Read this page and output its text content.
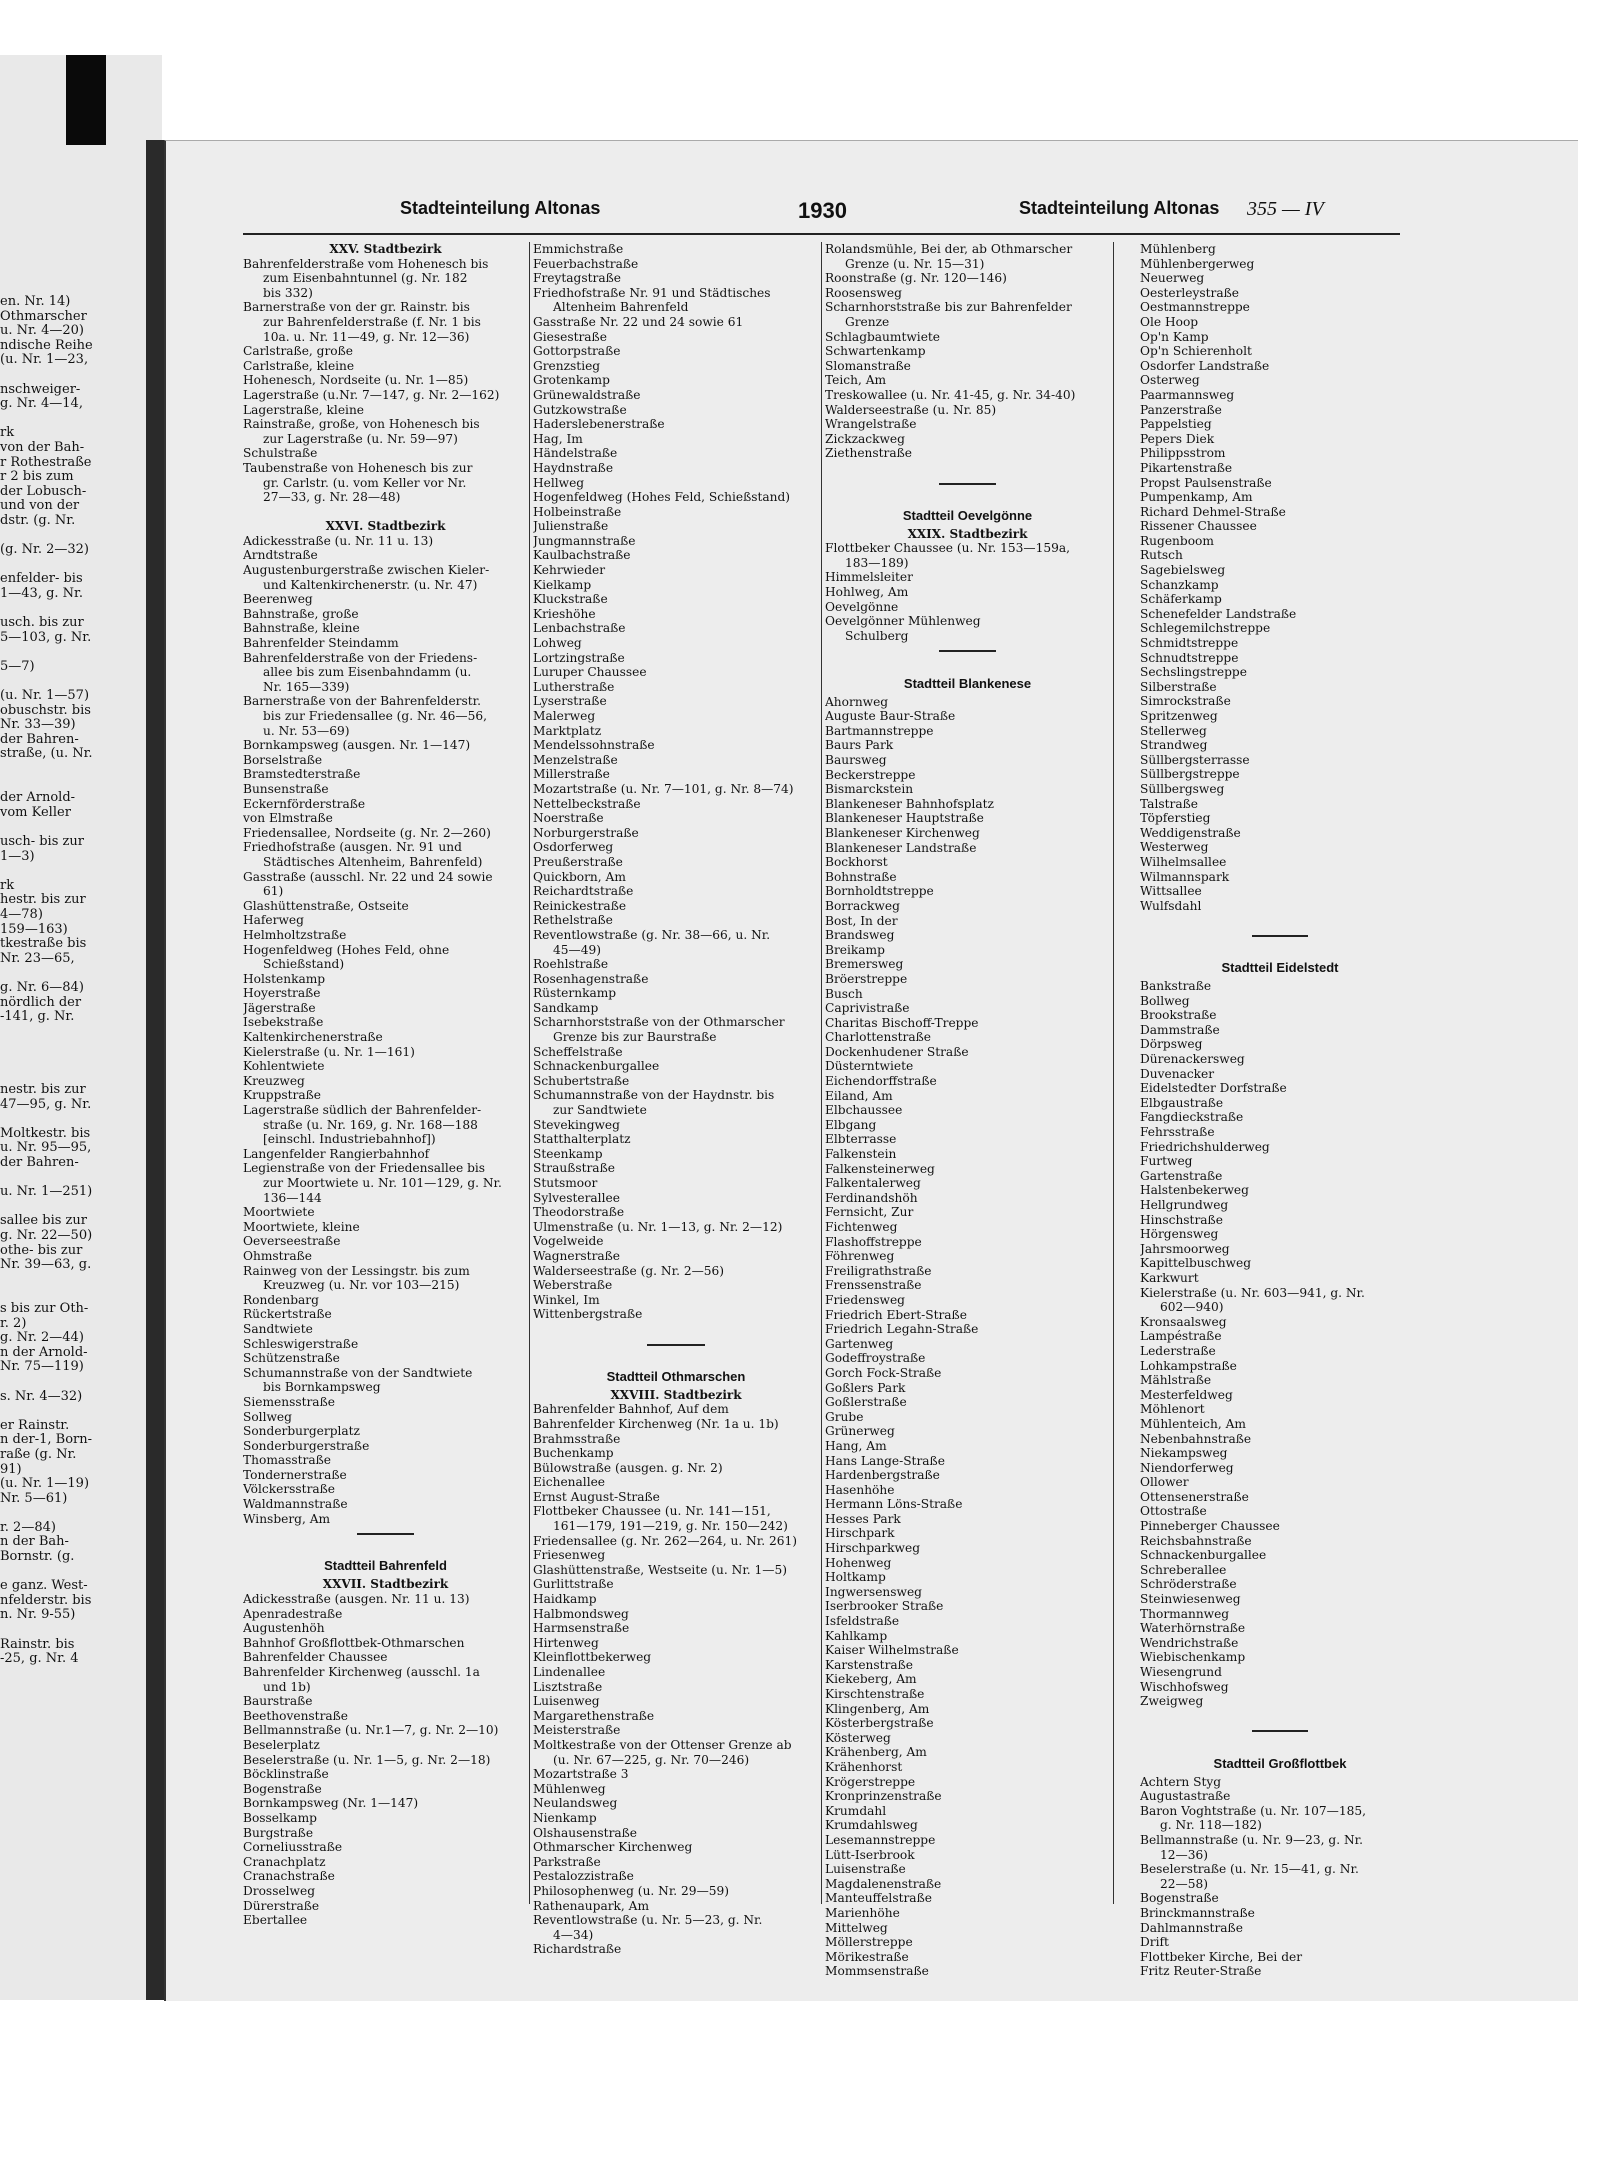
en. Nr. 14)
Othmarscher
u. Nr. 4—20)
ndische Reihe
(u. Nr. 1—23,
nschweiger-
g. Nr. 4—14,
rk
von der Bah-
r Rothestraße
r 2 bis zum
der Lobusch-
und von der
dstr. (g. Nr.
(g. Nr. 2—32)
enfelder- bis
1—43, g. Nr.
usch. bis zur
5—103, g. Nr.
5—7)
(u. Nr. 1—57)
obuschstr. bis
Nr. 33—39)
der Bahren-
straße, (u. Nr.
der Arnold-
vom Keller
usch- bis zur
1—3)
rk
hestr. bis zur
4—78)
159—163)
tkestraße bis
Nr. 23—65,
g. Nr. 6—84)
nördlich der
-141, g. Nr.
nestr. bis zur
47—95, g. Nr.
Moltkestr. bis
u. Nr. 95—95,
der Bahren-
u. Nr. 1—251)
sallee bis zur
g. Nr. 22—50)
othe- bis zur
Nr. 39—63, g.
s bis zur Oth-
r. 2)
g. Nr. 2—44)
n der Arnold-
Nr. 75—119)
s. Nr. 4—32)
er Rainstr.
n der-1, Born-
raße (g. Nr.
91)
(u. Nr. 1—19)
Nr. 5—61)
r. 2—84)
n der Bah-
Bornstr. (g.
e ganz. West-
nfelderstr. bis
n. Nr. 9-55)
Rainstr. bis
-25, g. Nr. 4
Stadteinteilung Altonas	1930	Stadteinteilung Altonas 355 — IV
XXV. Stadtbezirk
Bahrenfelderstraße vom Hohenesch bis
zum Eisenbahntunnel (g. Nr. 182
bis 332)
Barnerstraße von der gr. Rainstr. bis
zur Bahrenfelderstraße (f. Nr. 1 bis
10a. u. Nr. 11—49, g. Nr. 12—36)
Carlstraße, große
Carlstraße, kleine
Hohenesch, Nordseite (u. Nr. 1—85)
Lagerstraße (u.Nr. 7—147, g. Nr. 2—162)
Lagerstraße, kleine
Rainstraße, große, von Hohenesch bis
zur Lagerstraße (u. Nr. 59—97)
Schulstraße
Taubenstraße von Hohenesch bis zur
gr. Carlstr. (u. vom Keller vor Nr.
27—33, g. Nr. 28—48)
XXVI. Stadtbezirk
Adickesstraße (u. Nr. 11 u. 13)
Arndtstraße
Augustenburgerstraße zwischen Kieler-
und Kaltenkirchenerstr. (u. Nr. 47)
Beerenweg
Bahnstraße, große
Bahnstraße, kleine
Bahrenfelder Steindamm
Bahrenfelderstraße von der Friedens-
allee bis zum Eisenbahndamm (u.
Nr. 165—339)
Barnerstraße von der Bahrenfelderstr.
bis zur Friedensallee (g. Nr. 46—56,
u. Nr. 53—69)
Bornkampsweg (ausgen. Nr. 1—147)
Borselstraße
Bramstedterstraße
Bunsenstraße
Eckernförderstraße
von Elmstraße
Friedensallee, Nordseite (g. Nr. 2—260)
Friedhofstraße (ausgen. Nr. 91 und
Städtisches Altenheim, Bahrenfeld)
Gasstraße (ausschl. Nr. 22 und 24 sowie
61)
Glashüttenstraße, Ostseite
Haferweg
Helmholtzstraße
Hogenfeldweg (Hohes Feld, ohne
Schießstand)
Holstenkamp
Hoyerstraße
Jägerstraße
Isebekstraße
Kaltenkirchenerstraße
Kielerstraße (u. Nr. 1—161)
Kohlentwiete
Kreuzweg
Kruppstraße
Lagerstraße südlich der Bahrenfelder-
straße (u. Nr. 169, g. Nr. 168—188
[einschl. Industriebahnhof])
Langenfelder Rangierbahnhof
Legienstraße von der Friedensallee bis
zur Moortwiete u. Nr. 101—129, g. Nr.
136—144
Moortwiete
Moortwiete, kleine
Oeverseestraße
Ohmstraße
Rainweg von der Lessingstr. bis zum
Kreuzweg (u. Nr. vor 103—215)
Rondenbarg
Rückertstraße
Sandtwiete
Schleswigerstraße
Schützenstraße
Schumannstraße von der Sandtwiete
bis Bornkampsweg
Siemensstraße
Sollweg
Sonderburgerplatz
Sonderburgerstraße
Thomasstraße
Tondernerstraße
Völckersstraße
Waldmannstraße
Winsberg, Am
Stadtteil Bahrenfeld
XXVII. Stadtbezirk
Adickesstraße (ausgen. Nr. 11 u. 13)
Apenradestraße
Augustenhöh
Bahnhof Großflottbek-Othmarschen
Bahrenfelder Chaussee
Bahrenfelder Kirchenweg (ausschl. 1a
und 1b)
Baurstraße
Beethovenstraße
Bellmannstraße (u. Nr.1—7, g. Nr. 2—10)
Beselerplatz
Beselerstraße (u. Nr. 1—5, g. Nr. 2—18)
Böcklinstraße
Bogenstraße
Bornkampsweg (Nr. 1—147)
Bosselkamp
Burgstraße
Corneliusstraße
Cranachplatz
Cranachstraße
Drosselweg
Dürerstraße
Ebertallee
Emmichstraße
Feuerbachstraße
Freytagstraße
Friedhofstraße Nr. 91 und Städtisches
Altenheim Bahrenfeld
Gasstraße Nr. 22 und 24 sowie 61
Giesestraße
Gottorpstraße
Grenzstieg
Grotenkamp
Grünewaldstraße
Gutzkowstraße
Haderslebenerstraße
Hag, Im
Händelstraße
Haydnstraße
Hellweg
Hogenfeldweg (Hohes Feld, Schießstand)
Holbeinstraße
Julienstraße
Jungmannstraße
Kaulbachstraße
Kehrwieder
Kielkamp
Kluckstraße
Krieshöhe
Lenbachstraße
Lohweg
Lortzingstraße
Luruper Chaussee
Lutherstraße
Lyserstraße
Malerweg
Marktplatz
Mendelssohnstraße
Menzelstraße
Millerstraße
Mozartstraße (u. Nr. 7—101, g. Nr. 8—74)
Nettelbeckstraße
Noerstraße
Norburgerstraße
Osdorferweg
Preußerstraße
Quickborn, Am
Reichardtstraße
Reinickestraße
Rethelstraße
Reventlowstraße (g. Nr. 38—66, u. Nr.
45—49)
Roehlstraße
Rosenhagenstraße
Rüsternkamp
Sandkamp
Scharnhorststraße von der Othmarscher
Grenze bis zur Baurstraße
Scheffelstraße
Schnackenburgallee
Schubertstraße
Schumannstraße von der Haydnstr. bis
zur Sandtwiete
Stevekingweg
Statthalterplatz
Steenkamp
Straußstraße
Stutsmoor
Sylvesterallee
Theodorstraße
Ulmenstraße (u. Nr. 1—13, g. Nr. 2—12)
Vogelweide
Wagnerstraße
Walderseestraße (g. Nr. 2—56)
Weberstraße
Winkel, Im
Wittenbergstraße
Stadtteil Othmarschen
XXVIII. Stadtbezirk
Bahrenfelder Bahnhof, Auf dem
Bahrenfelder Kirchenweg (Nr. 1a u. 1b)
Brahmsstraße
Buchenkamp
Bülowstraße (ausgen. g. Nr. 2)
Eichenallee
Ernst August-Straße
Flottbeker Chaussee (u. Nr. 141—151,
161—179, 191—219, g. Nr. 150—242)
Friedensallee (g. Nr. 262—264, u. Nr. 261)
Friesenweg
Glashüttenstraße, Westseite (u. Nr. 1—5)
Gurlittstraße
Haidkamp
Halbmondsweg
Harmsenstraße
Hirtenweg
Kleinflottbekerweg
Lindenallee
Lisztstraße
Luisenweg
Margarethenstraße
Meisterstraße
Moltkestraße von der Ottenser Grenze ab
(u. Nr. 67—225, g. Nr. 70—246)
Mozartstraße 3
Mühlenweg
Neulandsweg
Nienkamp
Olshausenstraße
Othmarscher Kirchenweg
Parkstraße
Pestalozzistraße
Philosophenweg (u. Nr. 29—59)
Rathenaupark, Am
Reventlowstraße (u. Nr. 5—23, g. Nr.
4—34)
Richardstraße
Rolandsmühle, Bei der, ab Othmarscher
Grenze (u. Nr. 15—31)
Roonstraße (g. Nr. 120—146)
Roosensweg
Scharnhorststraße bis zur Bahrenfelder
Grenze
Schlagbaumtwiete
Schwartenkamp
Slomanstraße
Teich, Am
Treskowallee (u. Nr. 41-45, g. Nr. 34-40)
Walderseestraße (u. Nr. 85)
Wrangelstraße
Zickzackweg
Ziethenstraße
Stadtteil Oevelgönne
XXIX. Stadtbezirk
Flottbeker Chaussee (u. Nr. 153—159a,
183—189)
Himmelsleiter
Hohlweg, Am
Oevelgönne
Oevelgönner Mühlenweg
Schulberg
Stadtteil Blankenese
Ahornweg
Auguste Baur-Straße
Bartmannstreppe
Baurs Park
Baursweg
Beckerstreppe
Bismarckstein
Blankeneser Bahnhofsplatz
Blankeneser Hauptstraße
Blankeneser Kirchenweg
Blankeneser Landstraße
Bockhorst
Bohnstraße
Bornholdtstreppe
Borrackweg
Bost, In der
Brandsweg
Breikamp
Bremersweg
Bröerstreppe
Busch
Caprivistraße
Charitas Bischoff-Treppe
Charlottenstraße
Dockenhudener Straße
Düsterntwiete
Eichendorffstraße
Eiland, Am
Elbchaussee
Elbgang
Elbterrasse
Falkenstein
Falkensteinerweg
Falkentalerweg
Ferdinandshöh
Fernsicht, Zur
Fichtenweg
Flashoffstreppe
Föhrenweg
Freiligrathstraße
Frenssenstraße
Friedensweg
Friedrich Ebert-Straße
Friedrich Legahn-Straße
Gartenweg
Godeffroystraße
Gorch Fock-Straße
Goßlers Park
Goßlerstraße
Grube
Grünerweg
Hang, Am
Hans Lange-Straße
Hardenbergstraße
Hasenhöhe
Hermann Löns-Straße
Hesses Park
Hirschpark
Hirschparkweg
Hohenweg
Holtkamp
Ingwersensweg
Iserbrooker Straße
Isfeldstraße
Kahlkamp
Kaiser Wilhelmstraße
Karstenstraße
Kiekeberg, Am
Kirschtenstraße
Klingenberg, Am
Kösterbergstraße
Kösterweg
Krähenberg, Am
Krähenhorst
Krögerstreppe
Kronprinzenstraße
Krumdahl
Krumdahlsweg
Lesemannstreppe
Lütt-Iserbrook
Luisenstraße
Magdalenenstraße
Manteuffelstraße
Marienhöhe
Mittelweg
Möllerstreppe
Mörikestraße
Mommsenstraße
Mühlenberg
Mühlenbergerweg
Neuerweg
Oesterleystraße
Oestmannstreppe
Ole Hoop
Op'n Kamp
Op'n Schierenholt
Osdorfer Landstraße
Osterweg
Paarmannsweg
Panzerstraße
Pappelstieg
Pepers Diek
Philippsstrom
Pikartenstraße
Propst Paulsenstraße
Pumpenkamp, Am
Richard Dehmel-Straße
Rissener Chaussee
Rugenboom
Rutsch
Sagebielsweg
Schanzkamp
Schäferkamp
Schenefelder Landstraße
Schlegemilchstreppe
Schmidtstreppe
Schnudtstreppe
Sechslingstreppe
Silberstraße
Simrockstraße
Spritzenweg
Stellerweg
Strandweg
Süllbergsterrasse
Süllbergstreppe
Süllbergsweg
Talstraße
Töpferstieg
Weddigenstraße
Westerweg
Wilhelmsallee
Wilmannspark
Wittsallee
Wulfsdahl
Stadtteil Eidelstedt
Bankstraße
Bollweg
Brookstraße
Dammstraße
Dörpsweg
Dürenackersweg
Duvenacker
Eidelstedter Dorfstraße
Elbgaustraße
Fangdieckstraße
Fehrsstraße
Friedrichshulderweg
Furtweg
Gartenstraße
Halstenbekerweg
Hellgrundweg
Hinschstraße
Hörgensweg
Jahrsmoorweg
Kapittelbuschweg
Karkwurt
Kielerstraße (u. Nr. 603—941, g. Nr.
602—940)
Kronsaalsweg
Lampéstraße
Lederstraße
Lohkampstraße
Mählstraße
Mesterfeldweg
Möhlenort
Mühlenteich, Am
Nebenbahnstraße
Niekampsweg
Niendorferweg
Ollower
Ottensenerstraße
Ottostraße
Pinneberger Chaussee
Reichsbahnstraße
Schnackenburgallee
Schreberallee
Schröderstraße
Steinwiesenweg
Thormannweg
Waterhörnstraße
Wendrichstraße
Wiebischenkamp
Wiesengrund
Wischhofsweg
Zweigweg
Stadtteil Großflottbek
Achtern Styg
Augustastraße
Baron Voghtstraße (u. Nr. 107—185,
g. Nr. 118—182)
Bellmannstraße (u. Nr. 9—23, g. Nr.
12—36)
Beselerstraße (u. Nr. 15—41, g. Nr.
22—58)
Bogenstraße
Brinckmannstraße
Dahlmannstraße
Drift
Flottbeker Kirche, Bei der
Fritz Reuter-Straße
